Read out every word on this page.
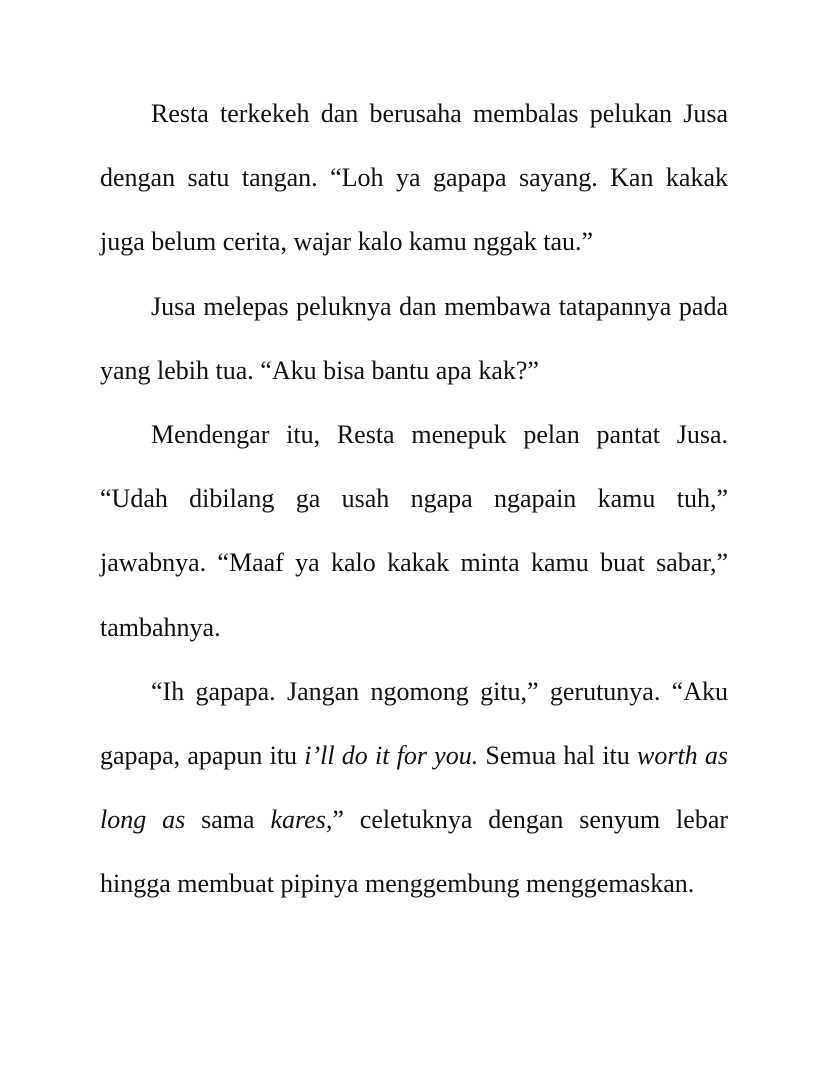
Resta terkekeh dan berusaha membalas pelukan Jusa dengan satu tangan. “Loh ya gapapa sayang. Kan kakak juga belum cerita, wajar kalo kamu nggak tau.”

Jusa melepas peluknya dan membawa tatapannya pada yang lebih tua. “Aku bisa bantu apa kak?”

Mendengar itu, Resta menepuk pelan pantat Jusa. “Udah dibilang ga usah ngapa ngapain kamu tuh,” jawabnya. “Maaf ya kalo kakak minta kamu buat sabar,” tambahnya.

“Ih gapapa. Jangan ngomong gitu,” gerutunya. “Aku gapapa, apapun itu i’ll do it for you. Semua hal itu worth as long as sama kares,” celetuknya dengan senyum lebar hingga membuat pipinya menggembung menggemaskan.
